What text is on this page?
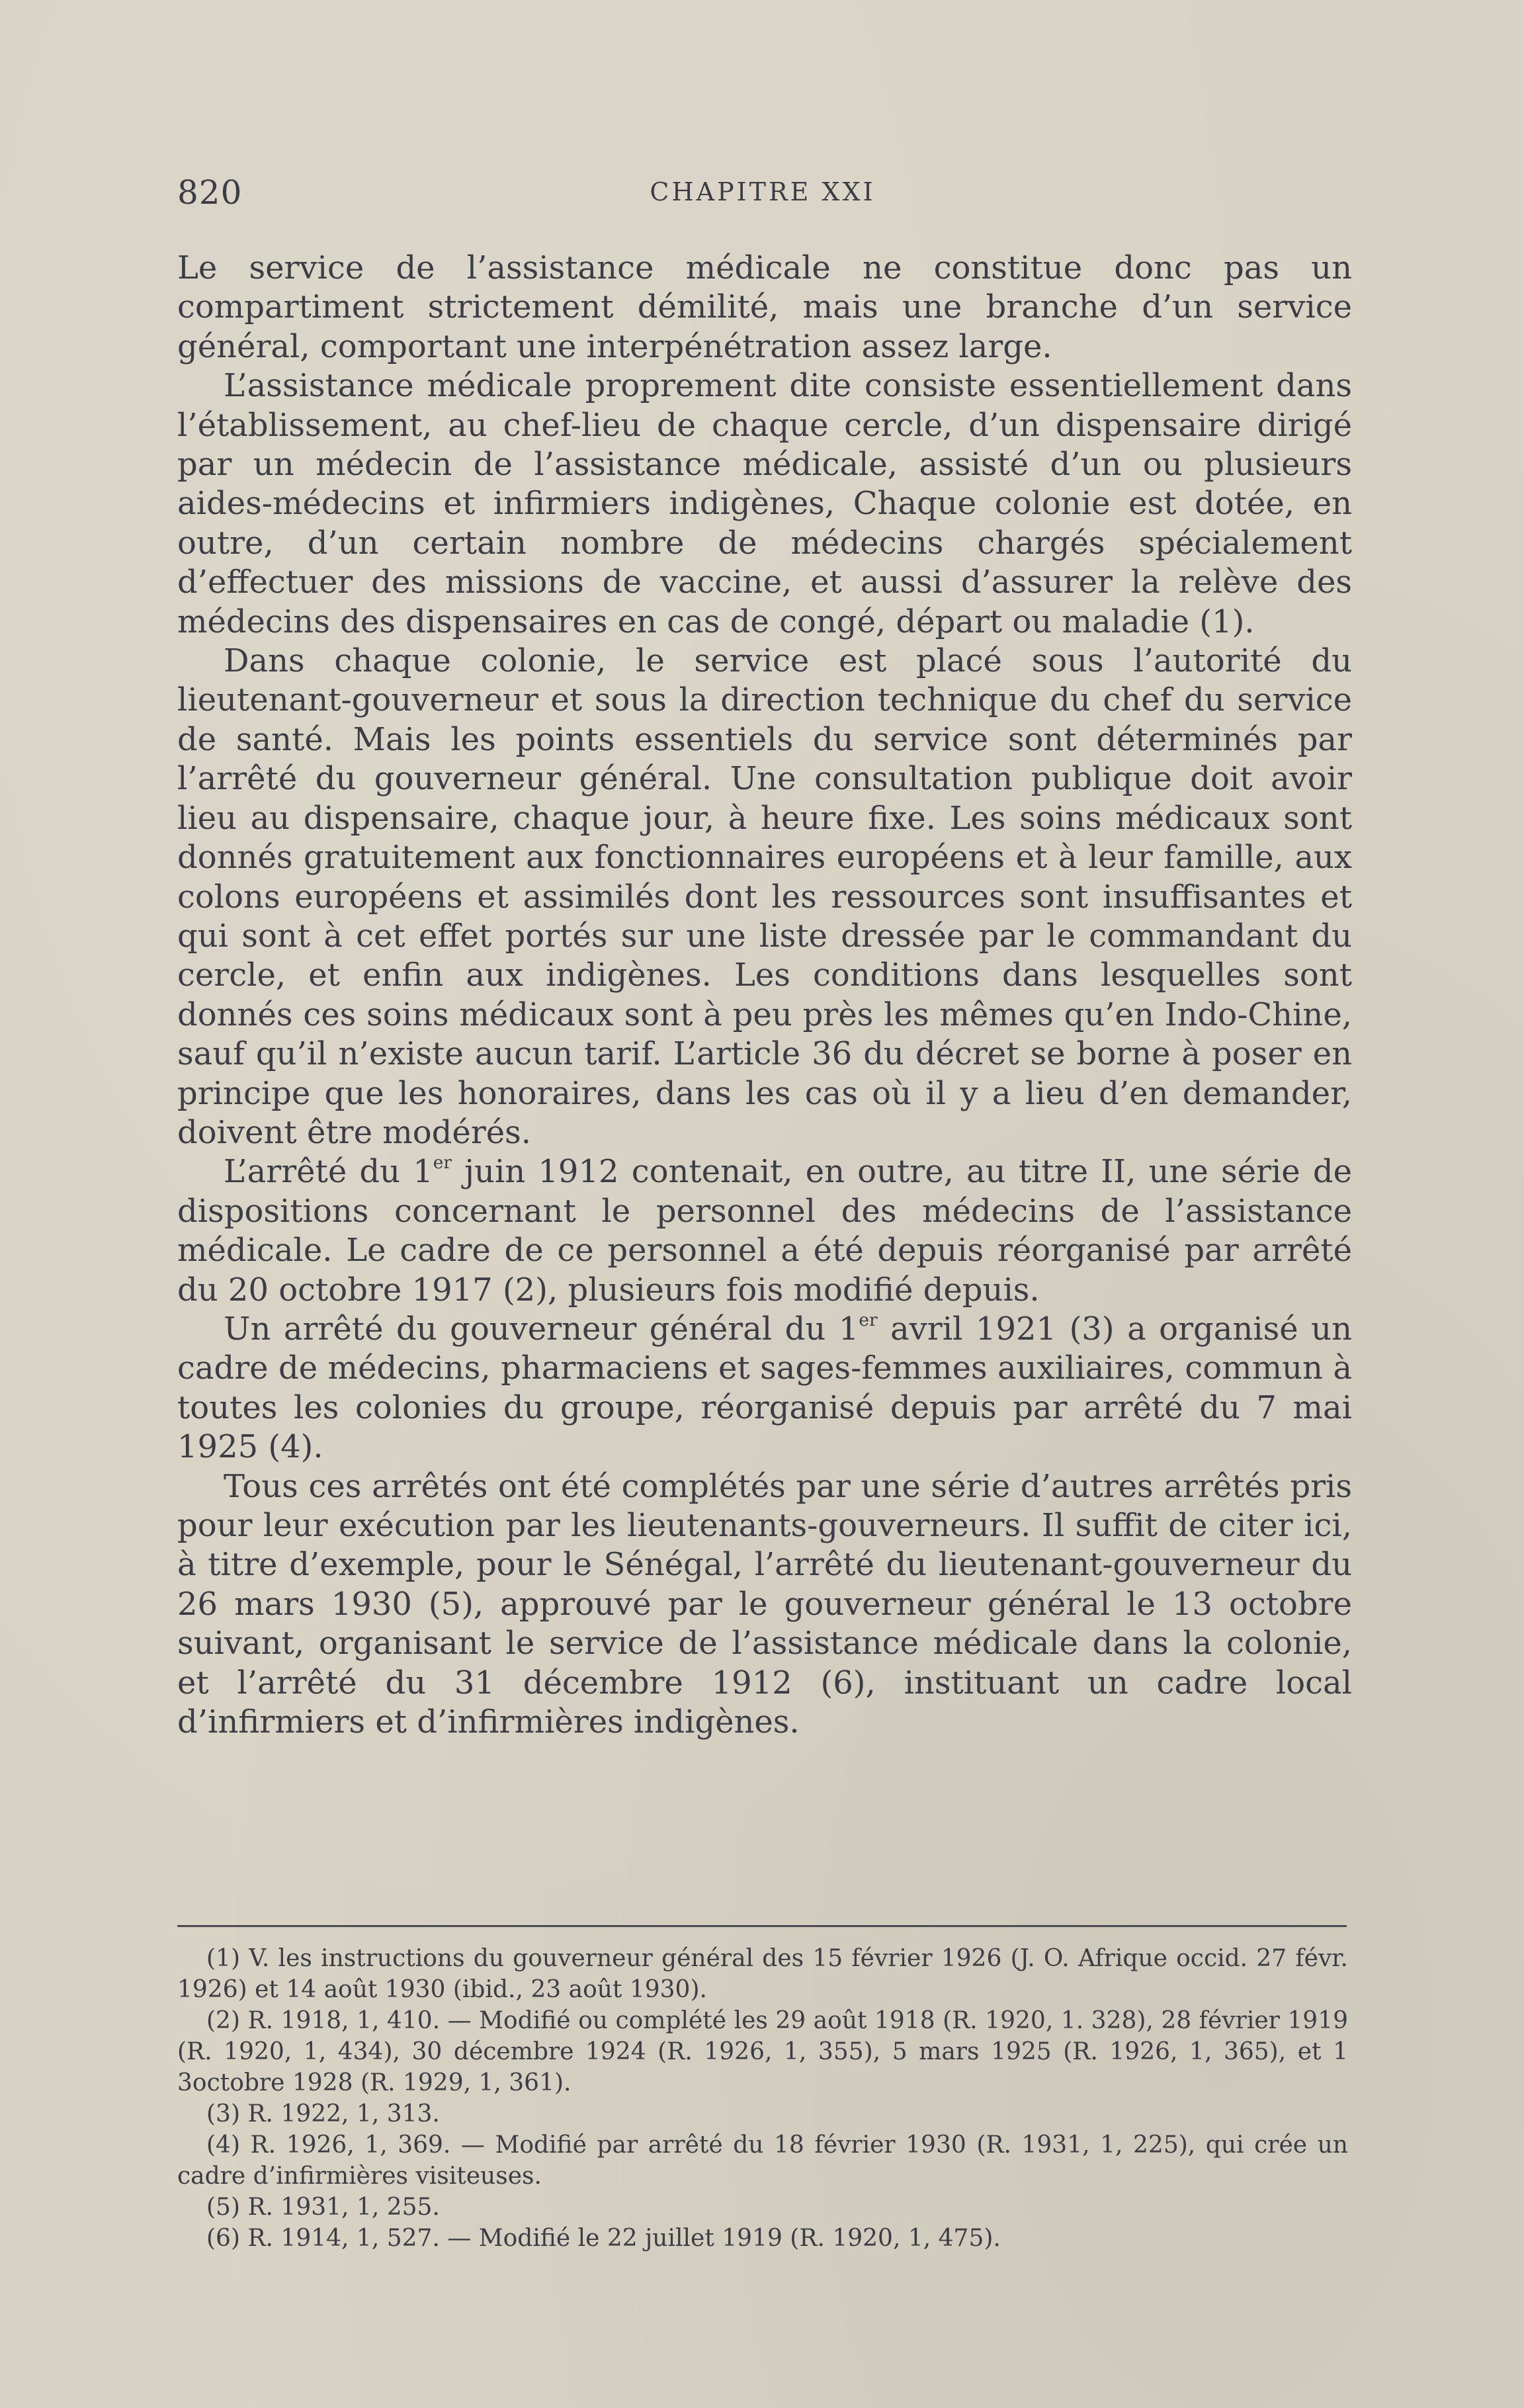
820	CHAPITRE XXI

Le service de l’assistance médicale ne constitue donc pas un compartiment strictement démilité, mais une branche d’un service général, comportant une interpénétration assez large.

L’assistance médicale proprement dite consiste essentiellement dans l’établissement, au chef-lieu de chaque cercle, d’un dispensaire dirigé par un médecin de l’assistance médicale, assisté d’un ou plusieurs aides-médecins et infirmiers indigènes, Chaque colonie est dotée, en outre, d’un certain nombre de médecins chargés spécialement d’effectuer des missions de vaccine, et aussi d’assurer la relève des médecins des dispensaires en cas de congé, départ ou maladie (1).

Dans chaque colonie, le service est placé sous l’autorité du lieutenant-gouverneur et sous la direction technique du chef du service de santé. Mais les points essentiels du service sont déterminés par l’arrêté du gouverneur général. Une consultation publique doit avoir lieu au dispensaire, chaque jour, à heure fixe. Les soins médicaux sont donnés gratuitement aux fonctionnaires européens et à leur famille, aux colons européens et assimilés dont les ressources sont insuffisantes et qui sont à cet effet portés sur une liste dressée par le commandant du cercle, et enfin aux indigènes. Les conditions dans lesquelles sont donnés ces soins médicaux sont à peu près les mêmes qu’en Indo-Chine, sauf qu’il n’existe aucun tarif. L’article 36 du décret se borne à poser en principe que les honoraires, dans les cas où il y a lieu d’en demander, doivent être modérés.

L’arrêté du 1er juin 1912 contenait, en outre, au titre II, une série de dispositions concernant le personnel des médecins de l’assistance médicale. Le cadre de ce personnel a été depuis réorganisé par arrêté du 20 octobre 1917 (2), plusieurs fois modifié depuis.

Un arrêté du gouverneur général du 1er avril 1921 (3) a organisé un cadre de médecins, pharmaciens et sages-femmes auxiliaires, commun à toutes les colonies du groupe, réorganisé depuis par arrêté du 7 mai 1925 (4).

Tous ces arrêtés ont été complétés par une série d’autres arrêtés pris pour leur exécution par les lieutenants-gouverneurs. Il suffit de citer ici, à titre d’exemple, pour le Sénégal, l’arrêté du lieutenant-gouverneur du 26 mars 1930 (5), approuvé par le gouverneur général le 13 octobre suivant, organisant le service de l’assistance médicale dans la colonie, et l’arrêté du 31 décembre 1912 (6), instituant un cadre local d’infirmiers et d’infirmières indigènes.

(1) V. les instructions du gouverneur général des 15 février 1926 (J. O. Afrique occid. 27 févr. 1926) et 14 août 1930 (ibid., 23 août 1930).

(2) R. 1918, 1, 410. — Modifié ou complété les 29 août 1918 (R. 1920, 1. 328), 28 février 1919 (R. 1920, 1, 434), 30 décembre 1924 (R. 1926, 1, 355), 5 mars 1925 (R. 1926, 1, 365), et 1 3octobre 1928 (R. 1929, 1, 361).

(3) R. 1922, 1, 313.

(4) R. 1926, 1, 369. — Modifié par arrêté du 18 février 1930 (R. 1931, 1, 225), qui crée un cadre d’infirmières visiteuses.

(5) R. 1931, 1, 255.

(6) R. 1914, 1, 527. — Modifié le 22 juillet 1919 (R. 1920, 1, 475).
